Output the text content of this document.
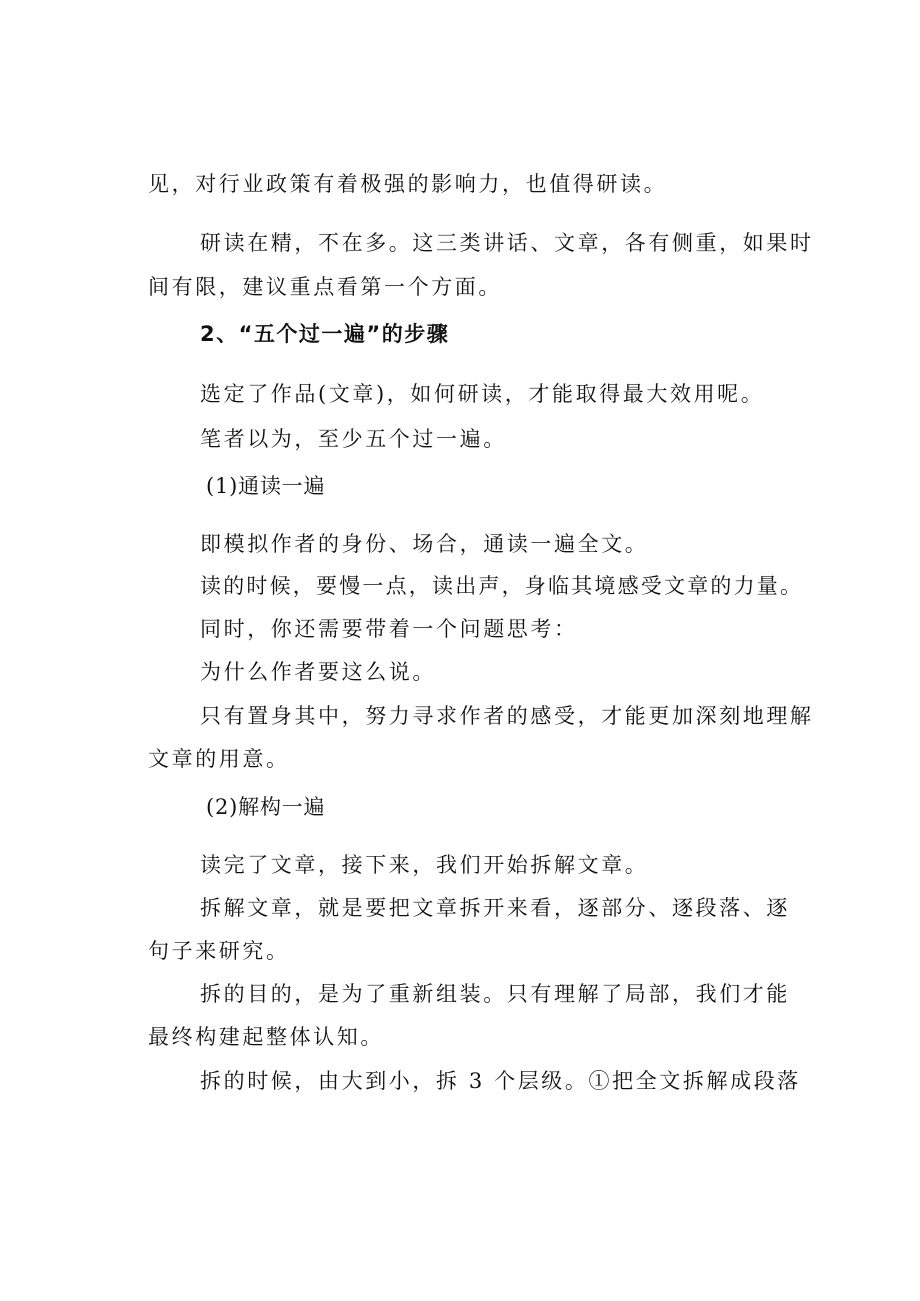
见，对行业政策有着极强的影响力，也值得研读。

研读在精，不在多。这三类讲话、文章，各有侧重，如果时

间有限，建议重点看第一个方面。

2、“五个过一遍”的步骤

选定了作品(文章)，如何研读，才能取得最大效用呢。

笔者以为，至少五个过一遍。

(1)通读一遍

即模拟作者的身份、场合，通读一遍全文。

读的时候，要慢一点，读出声，身临其境感受文章的力量。

同时，你还需要带着一个问题思考：

为什么作者要这么说。

只有置身其中，努力寻求作者的感受，才能更加深刻地理解

文章的用意。

(2)解构一遍

读完了文章，接下来，我们开始拆解文章。

拆解文章，就是要把文章拆开来看，逐部分、逐段落、逐

句子来研究。

拆的目的，是为了重新组装。只有理解了局部，我们才能

最终构建起整体认知。

拆的时候，由大到小，拆 3 个层级。①把全文拆解成段落
